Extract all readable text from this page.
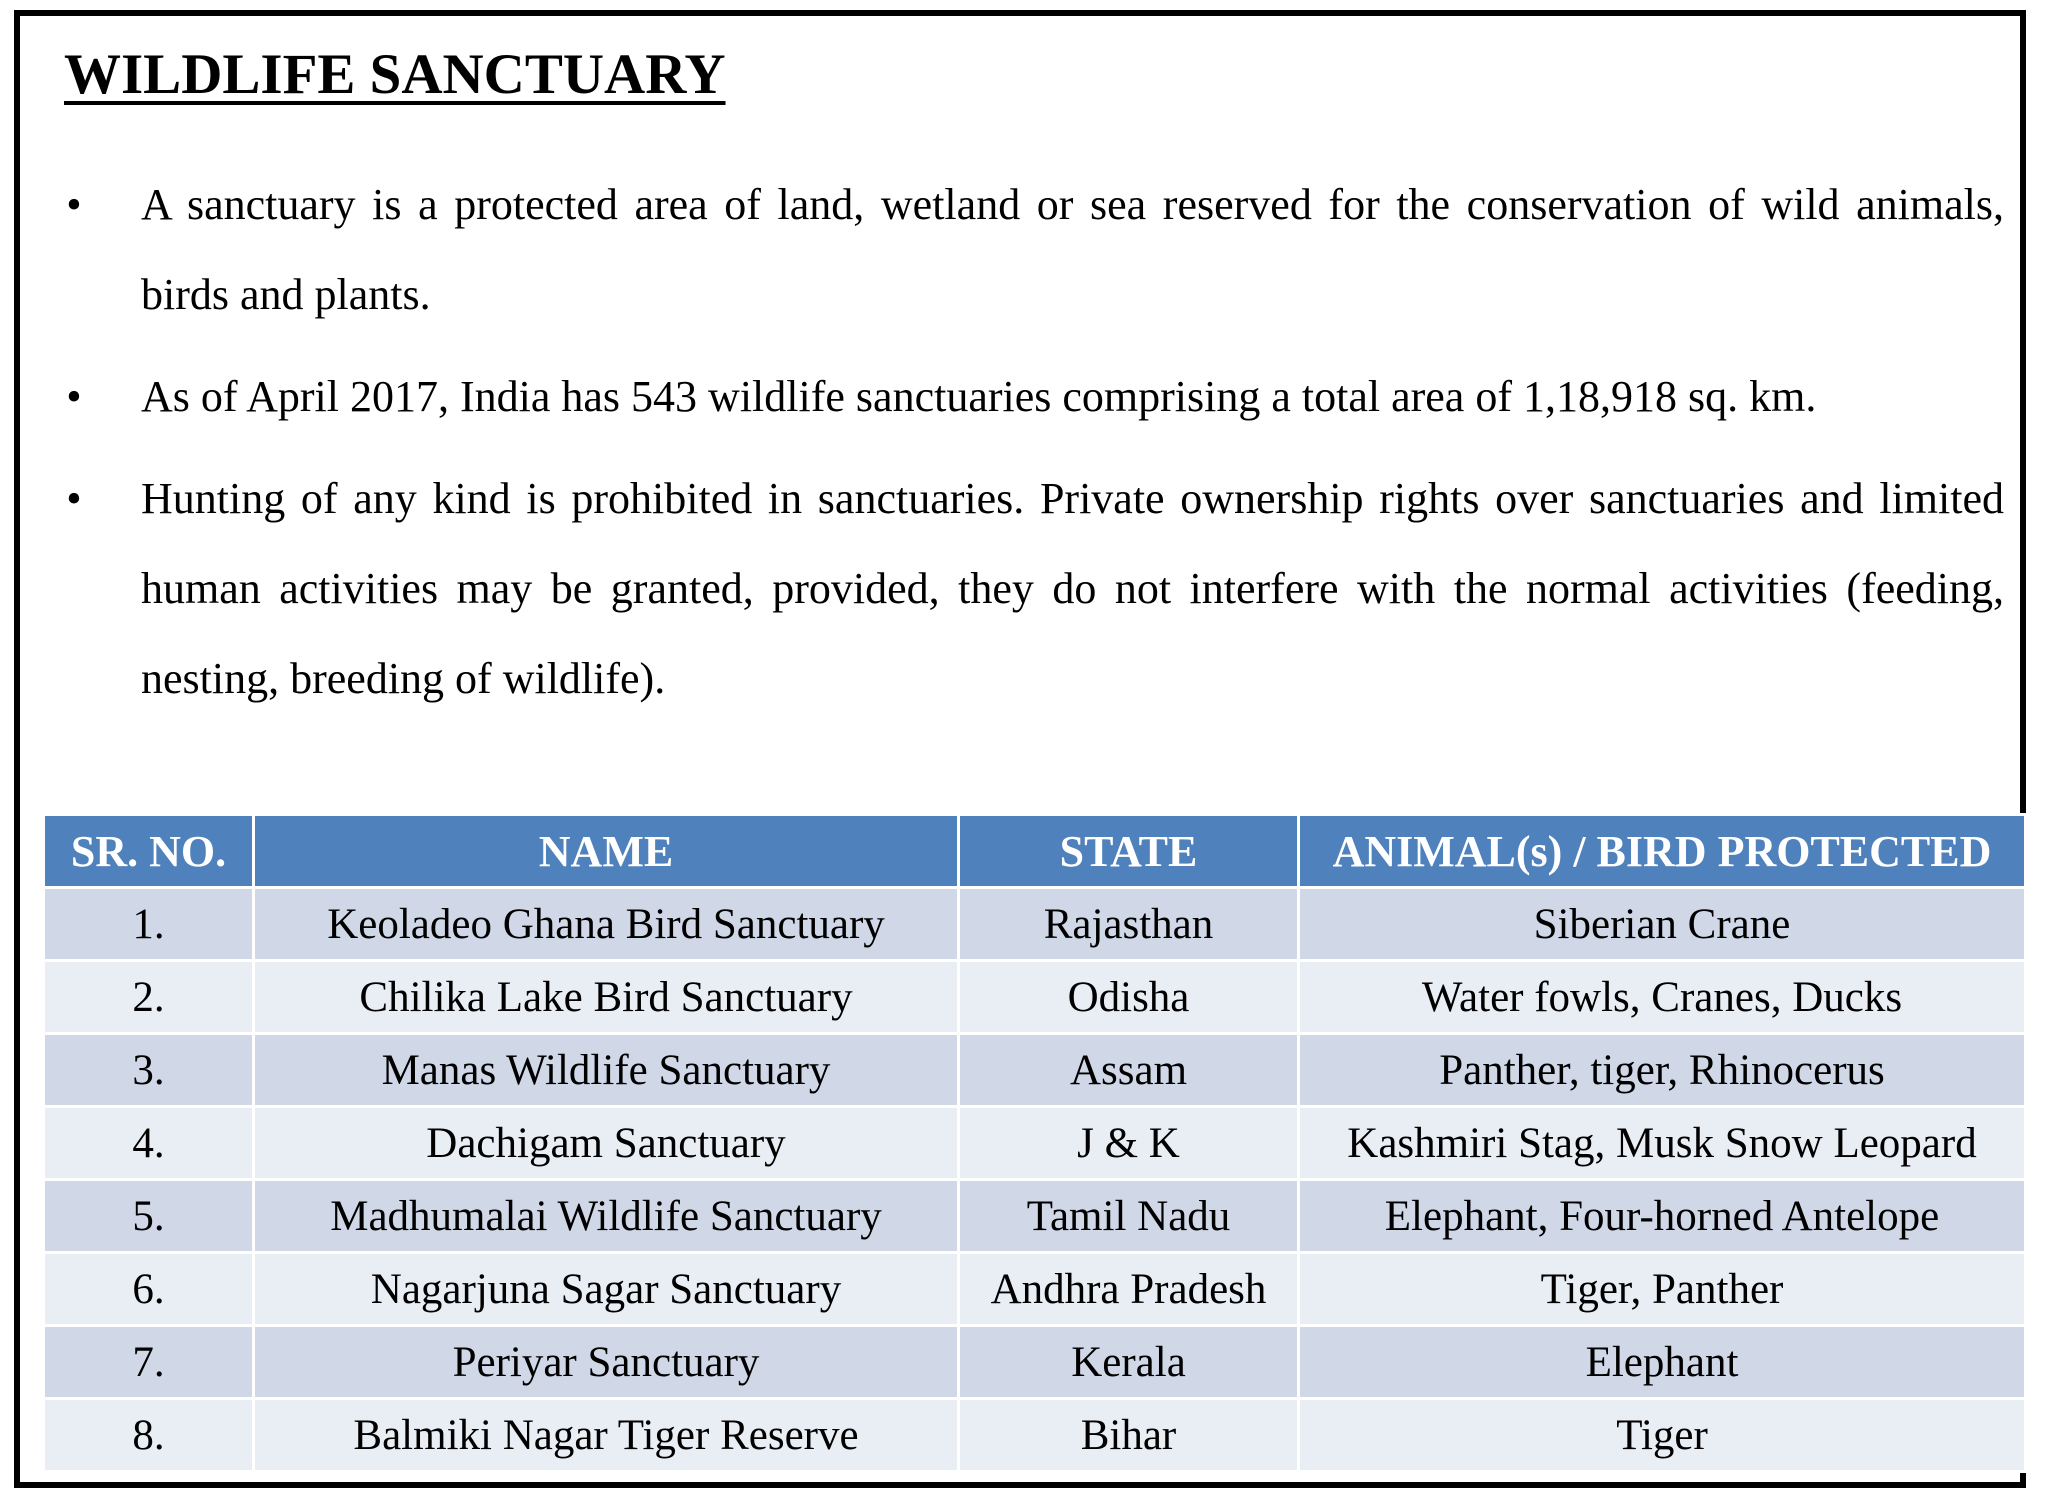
WILDLIFE SANCTUARY
• A sanctuary is a protected area of land, wetland or sea reserved for the conservation of wild animals, birds and plants.
• As of April 2017, India has 543 wildlife sanctuaries comprising a total area of 1,18,918 sq. km.
• Hunting of any kind is prohibited in sanctuaries. Private ownership rights over sanctuaries and limited human activities may be granted, provided, they do not interfere with the normal activities (feeding, nesting, breeding of wildlife).
SR. NO.	NAME	STATE	ANIMAL(s) / BIRD PROTECTED
1.	Keoladeo Ghana Bird Sanctuary	Rajasthan	Siberian Crane
2.	Chilika Lake Bird Sanctuary	Odisha	Water fowls, Cranes, Ducks
3.	Manas Wildlife Sanctuary	Assam	Panther, tiger, Rhinocerus
4.	Dachigam Sanctuary	J & K	Kashmiri Stag, Musk Snow Leopard
5.	Madhumalai Wildlife Sanctuary	Tamil Nadu	Elephant, Four-horned Antelope
6.	Nagarjuna Sagar Sanctuary	Andhra Pradesh	Tiger, Panther
7.	Periyar Sanctuary	Kerala	Elephant
8.	Balmiki Nagar Tiger Reserve	Bihar	Tiger
